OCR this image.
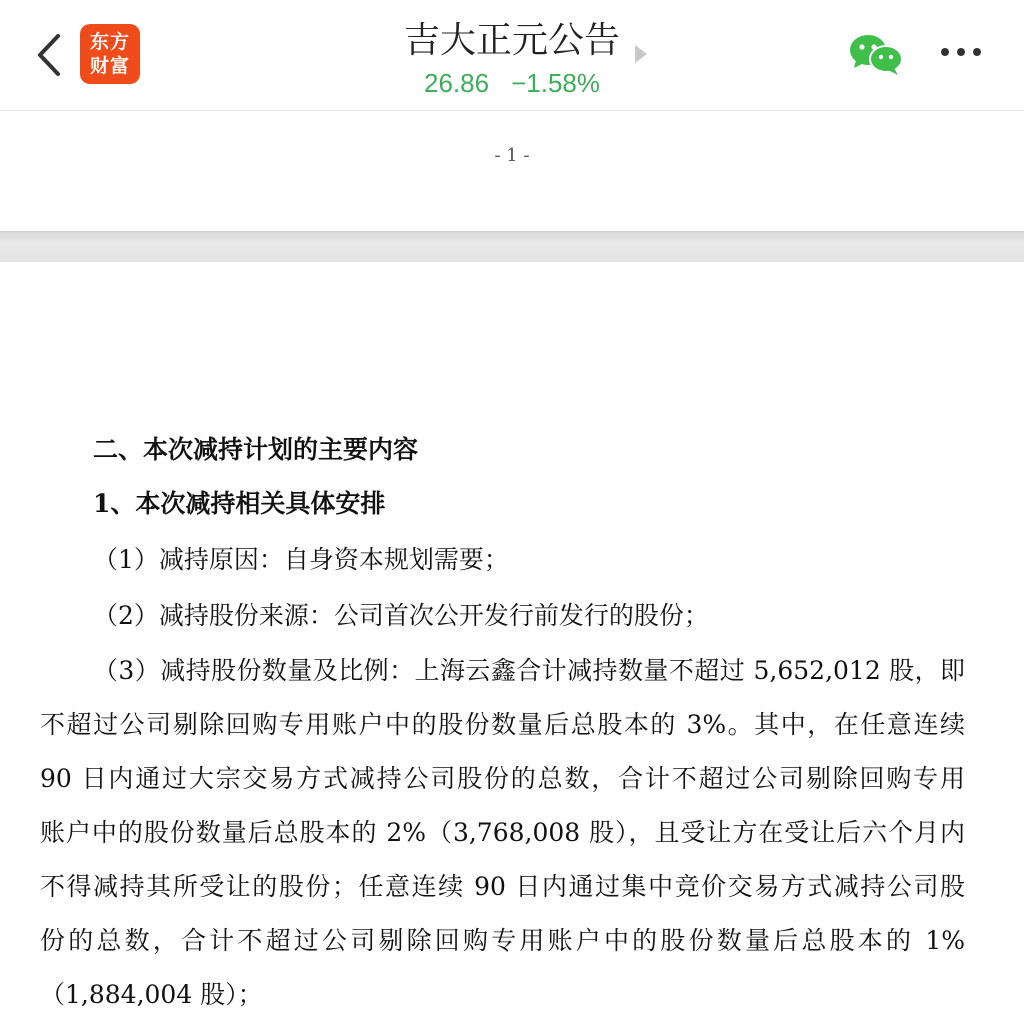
东方
财富
吉大正元公告
26.86 −1.58%
- 1 -
二、本次减持计划的主要内容
1、本次减持相关具体安排
（1）减持原因：自身资本规划需要；
（2）减持股份来源：公司首次公开发行前发行的股份；
（3）减持股份数量及比例：上海云鑫合计减持数量不超过 5,652,012 股，即
不超过公司剔除回购专用账户中的股份数量后总股本的 3%。其中，在任意连续
90 日内通过大宗交易方式减持公司股份的总数，合计不超过公司剔除回购专用
账户中的股份数量后总股本的 2%（3,768,008 股），且受让方在受让后六个月内
不得减持其所受让的股份；任意连续 90 日内通过集中竞价交易方式减持公司股
份的总数，合计不超过公司剔除回购专用账户中的股份数量后总股本的 1%
（1,884,004 股）；
